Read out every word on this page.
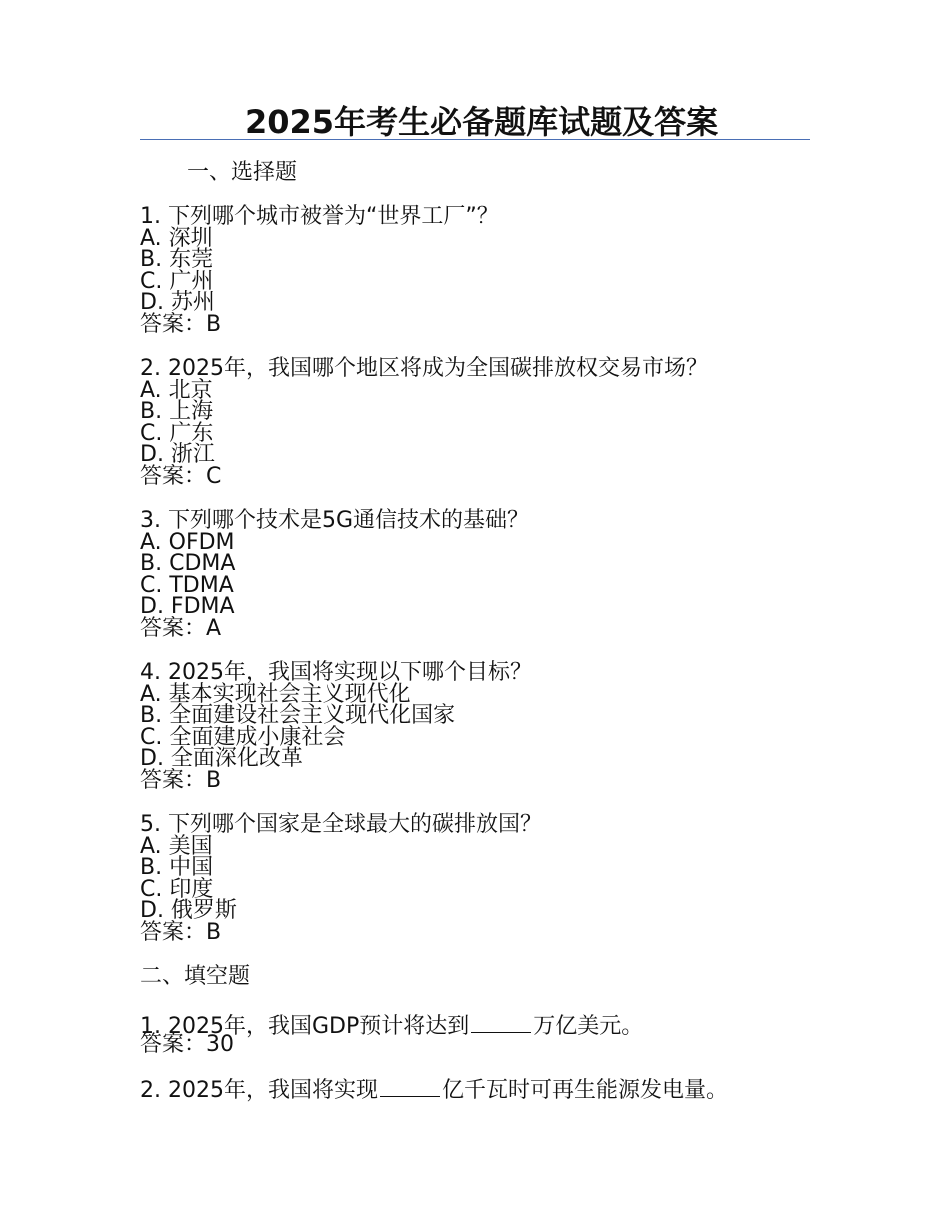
2025年考生必备题库试题及答案
一、选择题
1. 下列哪个城市被誉为“世界工厂”？
A. 深圳
B. 东莞
C. 广州
D. 苏州
答案：B
2. 2025年，我国哪个地区将成为全国碳排放权交易市场？
A. 北京
B. 上海
C. 广东
D. 浙江
答案：C
3. 下列哪个技术是5G通信技术的基础？
A. OFDM
B. CDMA
C. TDMA
D. FDMA
答案：A
4. 2025年，我国将实现以下哪个目标？
A. 基本实现社会主义现代化
B. 全面建设社会主义现代化国家
C. 全面建成小康社会
D. 全面深化改革
答案：B
5. 下列哪个国家是全球最大的碳排放国？
A. 美国
B. 中国
C. 印度
D. 俄罗斯
答案：B
二、填空题
1. 2025年，我国GDP预计将达到	万亿美元。
答案：30
2. 2025年，我国将实现	亿千瓦时可再生能源发电量。
